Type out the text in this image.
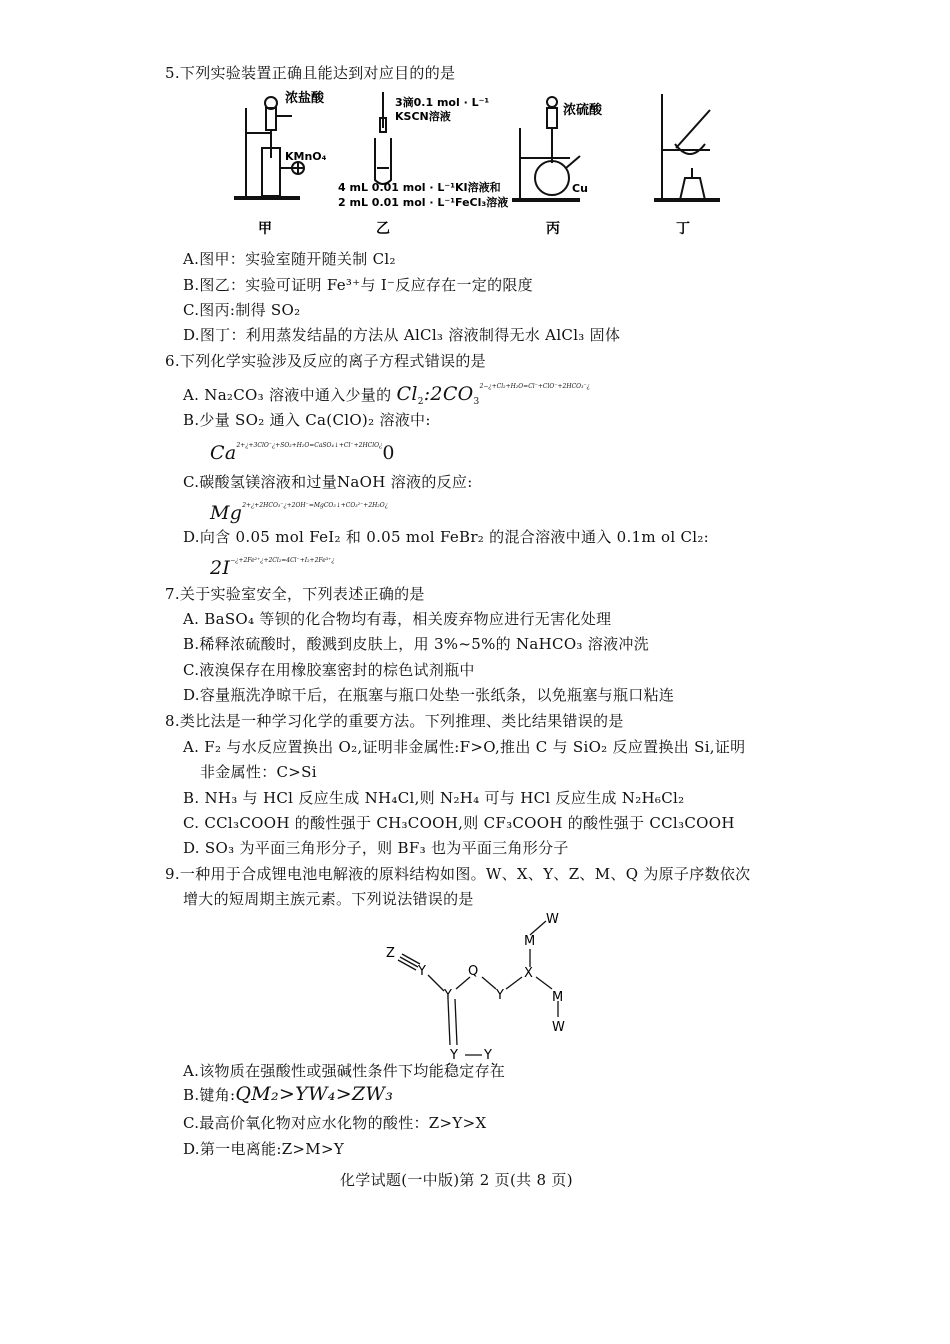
5.下列实验装置正确且能达到对应目的的是
浓盐酸
KMnO₄
甲
3滴0.1 mol · L⁻¹
KSCN溶液
4 mL 0.01 mol · L⁻¹KI溶液和
2 mL 0.01 mol · L⁻¹FeCl₃溶液
乙
浓硫酸
Cu
丙	丁
A.图甲：实验室随开随关制 Cl₂
B.图乙：实验可证明 Fe³⁺与 I⁻反应存在一定的限度
C.图丙:制得 SO₂
D.图丁：利用蒸发结晶的方法从 AlCl₃ 溶液制得无水 AlCl₃ 固体
6.下列化学实验涉及反应的离子方程式错误的是
A. Na₂CO₃ 溶液中通入少量的 $Cl_2:2CO_3^{2-¿+Cl_2+H_2O=Cl^-+ClO^-+2HCO_3^-¿}$
B.少量 SO₂ 通入 Ca(ClO)₂ 溶液中:
$Ca^{2+¿+3ClO^-¿+SO_2+H_2O=CaSO_4↓+Cl^-+2HClO¿}0$
C.碳酸氢镁溶液和过量NaOH 溶液的反应:
$Mg^{2+¿+2HCO_3^-¿+2OH^-=MgCO_3↓+CO_3^{2-}+2H_2O¿}$
D.向含 0.05 mol FeI₂ 和 0.05 mol FeBr₂ 的混合溶液中通入 0.1m ol Cl₂:
$2I^{-¿+2Fe^{2+}¿+2Cl_2=4Cl^-+I_2+2Fe^{3+}¿}$
7.关于实验室安全，下列表述正确的是
A. BaSO₄ 等钡的化合物均有毒，相关废弃物应进行无害化处理
B.稀释浓硫酸时，酸溅到皮肤上，用 3%~5%的 NaHCO₃ 溶液冲洗
C.液溴保存在用橡胶塞密封的棕色试剂瓶中
D.容量瓶洗净晾干后，在瓶塞与瓶口处垫一张纸条，以免瓶塞与瓶口粘连
8.类比法是一种学习化学的重要方法。下列推理、类比结果错误的是
A. F₂ 与水反应置换出 O₂,证明非金属性:F>O,推出 C 与 SiO₂ 反应置换出 Si,证明
非金属性：C>Si
B. NH₃ 与 HCl 反应生成 NH₄Cl,则 N₂H₄ 可与 HCl 反应生成 N₂H₆Cl₂
C. CCl₃COOH 的酸性强于 CH₃COOH,则 CF₃COOH 的酸性强于 CCl₃COOH
D. SO₃ 为平面三角形分子，则 BF₃ 也为平面三角形分子
9.一种用于合成锂电池电解液的原料结构如图。W、X、Y、Z、M、Q 为原子序数依次
增大的短周期主族元素。下列说法错误的是
Z
Y
Y
Q
Y
X
M
W
M
W
Y Y
A.该物质在强酸性或强碱性条件下均能稳定存在
B.键角:QM₂>YW₄>ZW₃
C.最高价氧化物对应水化物的酸性：Z>Y>X
D.第一电离能:Z>M>Y
化学试题(一中版)第 2 页(共 8 页)
